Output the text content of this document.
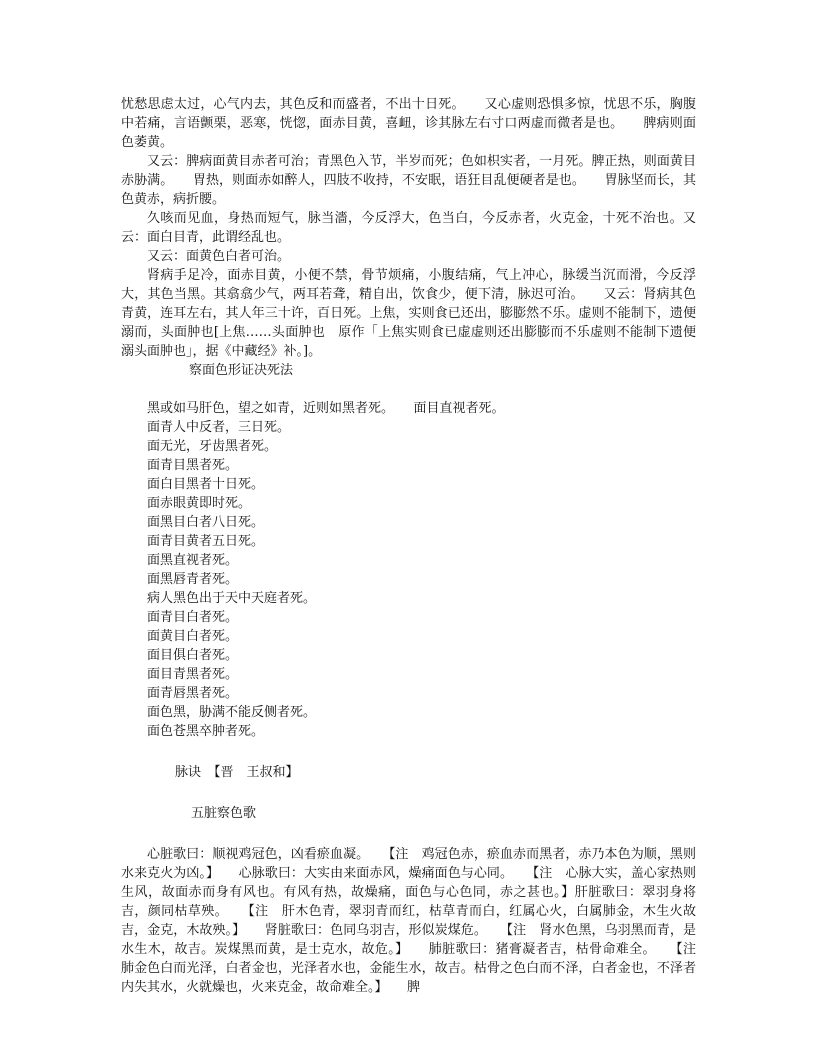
忧愁思虑太过，心气内去，其色反和而盛者，不出十日死。　　又心虚则恐惧多惊，忧思不乐，胸腹中若痛，言语颤栗，恶寒，恍惚，面赤目黄，喜衄，诊其脉左右寸口两虚而微者是也。　　脾病则面色萎黄。

又云：脾病面黄目赤者可治；青黑色入节，半岁而死；色如枳实者，一月死。脾正热，则面黄目赤胁满。　　胃热，则面赤如醉人，四肢不收持，不安眠，语狂目乱便硬者是也。　　胃脉坚而长，其色黄赤，病折腰。

久咳而见血，身热而短气，脉当濇，今反浮大，色当白，今反赤者，火克金，十死不治也。又云：面白目青，此谓经乱也。

又云：面黄色白者可治。

肾病手足冷，面赤目黄，小便不禁，骨节烦痛，小腹结痛，气上冲心，脉缓当沉而滑，今反浮大，其色当黑。其翕翕少气，两耳若聋，精自出，饮食少，便下清，脉迟可治。　　又云：肾病其色青黄，连耳左右，其人年三十许，百日死。上焦，实则食已还出，膨膨然不乐。虚则不能制下，遗便溺而，头面肿也[上焦……头面肿也　原作「上焦实则食已虚虚则还出膨膨而不乐虚则不能制下遗便溺头面肿也」，据《中藏经》补。]。

察面色形证决死法

黑或如马肝色，望之如青，近则如黑者死。　　面目直视者死。

面青人中反者，三日死。

面无光，牙齿黑者死。

面青目黑者死。

面白目黑者十日死。

面赤眼黄即时死。

面黑目白者八日死。

面青目黄者五日死。

面黑直视者死。

面黑唇青者死。

病人黑色出于天中天庭者死。

面青目白者死。

面黄目白者死。

面目俱白者死。

面目青黑者死。

面青唇黑者死。

面色黑，胁满不能反侧者死。

面色苍黑卒肿者死。

脉诀　【晋　王叔和】

五脏察色歌

心脏歌曰：顺视鸡冠色，凶看瘀血凝。　　【注　鸡冠色赤，瘀血赤而黑者，赤乃本色为顺，黑则水来克火为凶。】　　心脉歌曰：大实由来面赤风，燥痛面色与心同。　　【注　心脉大实，盖心家热则生风，故面赤而身有风也。有风有热，故燥痛，面色与心色同，赤之甚也。】肝脏歌曰：翠羽身将吉，颜同枯草殃。　　【注　肝木色青，翠羽青而红，枯草青而白，红属心火，白属肺金，木生火故吉，金克，木故殃。】　　肾脏歌曰：色同乌羽吉，形似炭煤危。　　【注　肾水色黑，乌羽黑而青，是水生木，故吉。炭煤黑而黄，是士克水，故危。】　　肺脏歌曰：猪膏凝者吉，枯骨命难全。　　【注　肺金色白而光泽，白者金也，光泽者水也，金能生水，故吉。枯骨之色白而不泽，白者金也，不泽者内失其水，火就燥也，火来克金，故命难全。】　　脾
